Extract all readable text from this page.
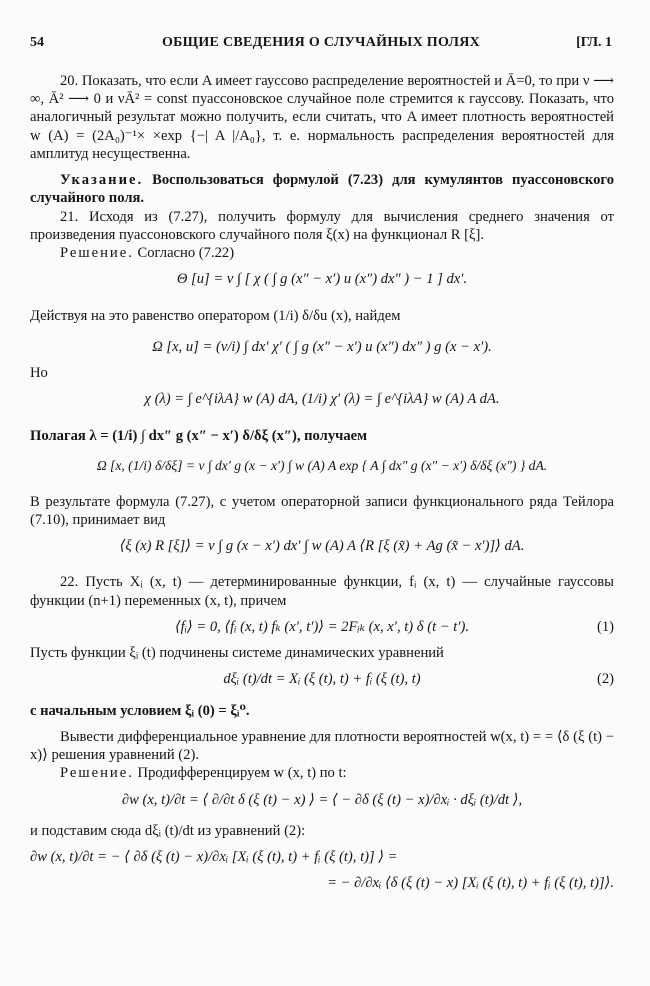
54	ОБЩИЕ СВЕДЕНИЯ О СЛУЧАЙНЫХ ПОЛЯХ	[ГЛ. 1

20. Показать, что если A имеет гауссово распределение вероятностей и Ā=0, то при ν ⟶ ∞, Ā² ⟶ 0 и νĀ² = const пуассоновское случайное поле стремится к гауссову. Показать, что аналогичный результат можно получить, если считать, что A имеет плотность вероятностей w (A) = (2A₀)⁻¹× ×exp {−| A |/A₀}, т. е. нормальность распределения вероятностей для амплитуд несущественна.

Указание. Воспользоваться формулой (7.23) для кумулянтов пуассоновского случайного поля.

21. Исходя из (7.27), получить формулу для вычисления среднего значения от произведения пуассоновского случайного поля ξ(x) на функционал R [ξ].

Решение. Согласно (7.22)

Θ [u] = ν ∫ [ χ ( ∫ g (x″ − x′) u (x″) dx″ ) − 1 ] dx′.

Действуя на это равенство оператором (1/i) δ/δu (x), найдем

Ω [x, u] = (ν/i) ∫ dx′ χ′ ( ∫ g (x″ − x′) u (x″) dx″ ) g (x − x′).

Но

χ (λ) = ∫ e^{iλA} w (A) dA, (1/i) χ′ (λ) = ∫ e^{iλA} w (A) A dA.

Полагая λ = (1/i) ∫ dx″ g (x″ − x′) δ/δξ (x″), получаем

Ω [x, (1/i) δ/δξ] = ν ∫ dx′ g (x − x′) ∫ w (A) A exp { A ∫ dx″ g (x″ − x′) δ/δξ (x″) } dA.

В результате формула (7.27), с учетом операторной записи функционального ряда Тейлора (7.10), принимает вид

⟨ξ (x) R [ξ]⟩ = ν ∫ g (x − x′) dx′ ∫ w (A) A ⟨R [ξ (x̃) + Ag (x̃ − x′)]⟩ dA.

22. Пусть Xᵢ (x, t) — детерминированные функции, fᵢ (x, t) — случайные гауссовы функции (n+1) переменных (x, t), причем

⟨fᵢ⟩ = 0, ⟨fᵢ (x, t) fₖ (x′, t′)⟩ = 2Fᵢₖ (x, x′, t) δ (t − t′).	(1)

Пусть функции ξᵢ (t) подчинены системе динамических уравнений

dξᵢ (t)/dt = Xᵢ (ξ (t), t) + fᵢ (ξ (t), t)	(2)

с начальным условием ξᵢ (0) = ξᵢ⁰.

Вывести дифференциальное уравнение для плотности вероятностей w(x, t) = = ⟨δ (ξ (t) − x)⟩ решения уравнений (2).

Решение. Продифференцируем w (x, t) по t:

∂w (x, t)/∂t = ⟨ ∂/∂t δ (ξ (t) − x) ⟩ = ⟨ − ∂δ (ξ (t) − x)/∂xᵢ · dξᵢ (t)/dt ⟩,

и подставим сюда dξᵢ (t)/dt из уравнений (2):

∂w (x, t)/∂t = − ⟨ ∂δ (ξ (t) − x)/∂xᵢ [Xᵢ (ξ (t), t) + fᵢ (ξ (t), t)] ⟩ =

= − ∂/∂xᵢ ⟨δ (ξ (t) − x) [Xᵢ (ξ (t), t) + fᵢ (ξ (t), t)]⟩.
